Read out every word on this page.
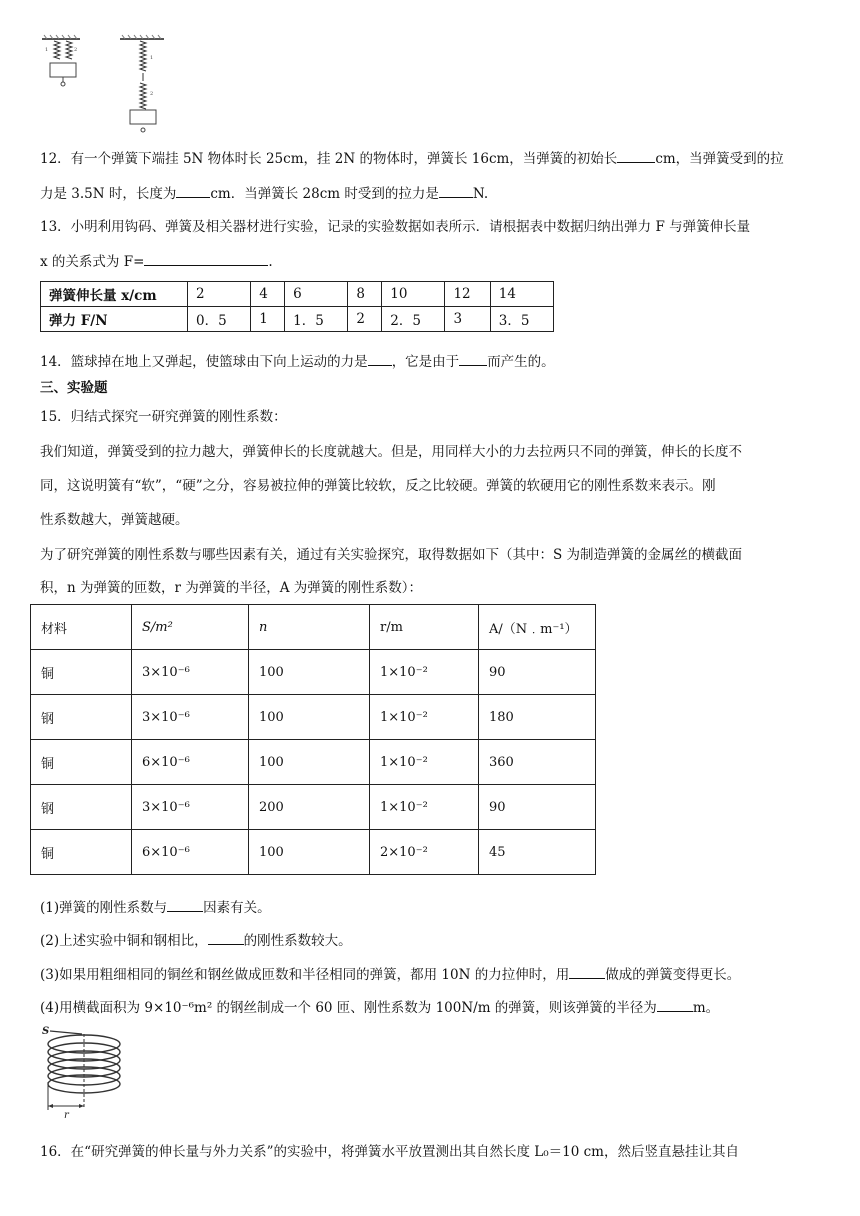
1	2
1
2
12．有一个弹簧下端挂 5N 物体时长 25cm，挂 2N 的物体时，弹簧长 16cm，当弹簧的初始长	cm，当弹簧受到的拉
力是 3.5N 时，长度为	cm．当弹簧长 28cm 时受到的拉力是	N.
13．小明利用钩码、弹簧及相关器材进行实验，记录的实验数据如表所示．请根据表中数据归纳出弹力 F 与弹簧伸长量
x 的关系式为 F=	.
弹簧伸长量 x/cm	2	4	6	8	10	12	14
弹力 F/N	0．5	1	1．5	2	2．5	3	3．5
14．篮球掉在地上又弹起，使篮球由下向上运动的力是 ，它是由于 而产生的。
三、实验题
15．归结式探究一研究弹簧的刚性系数：
我们知道，弹簧受到的拉力越大，弹簧伸长的长度就越大。但是，用同样大小的力去拉两只不同的弹簧，伸长的长度不
同，这说明簧有“软”，“硬”之分，容易被拉伸的弹簧比较软，反之比较硬。弹簧的软硬用它的刚性系数来表示。刚
性系数越大，弹簧越硬。
为了研究弹簧的刚性系数与哪些因素有关，通过有关实验探究，取得数据如下（其中：S 为制造弹簧的金属丝的横截面
积，n 为弹簧的匝数，r 为弹簧的半径，A 为弹簧的刚性系数）：
材料	S/m²	n	r/m	A/（N﹒m⁻¹）
铜	3×10⁻⁶	100	1×10⁻²	90
钢	3×10⁻⁶	100	1×10⁻²	180
铜	6×10⁻⁶	100	1×10⁻²	360
钢	3×10⁻⁶	200	1×10⁻²	90
铜	6×10⁻⁶	100	2×10⁻²	45
(1)弹簧的刚性系数与	因素有关。
(2)上述实验中铜和钢相比，	的刚性系数较大。
(3)如果用粗细相同的铜丝和钢丝做成匝数和半径相同的弹簧，都用 10N 的力拉伸时，用	做成的弹簧变得更长。
(4)用横截面积为 9×10⁻⁶m² 的钢丝制成一个 60 匝、刚性系数为 100N/m 的弹簧，则该弹簧的半径为	m。
S
r
16．在“研究弹簧的伸长量与外力关系”的实验中，将弹簧水平放置测出其自然长度 L₀＝10 cm，然后竖直悬挂让其自
